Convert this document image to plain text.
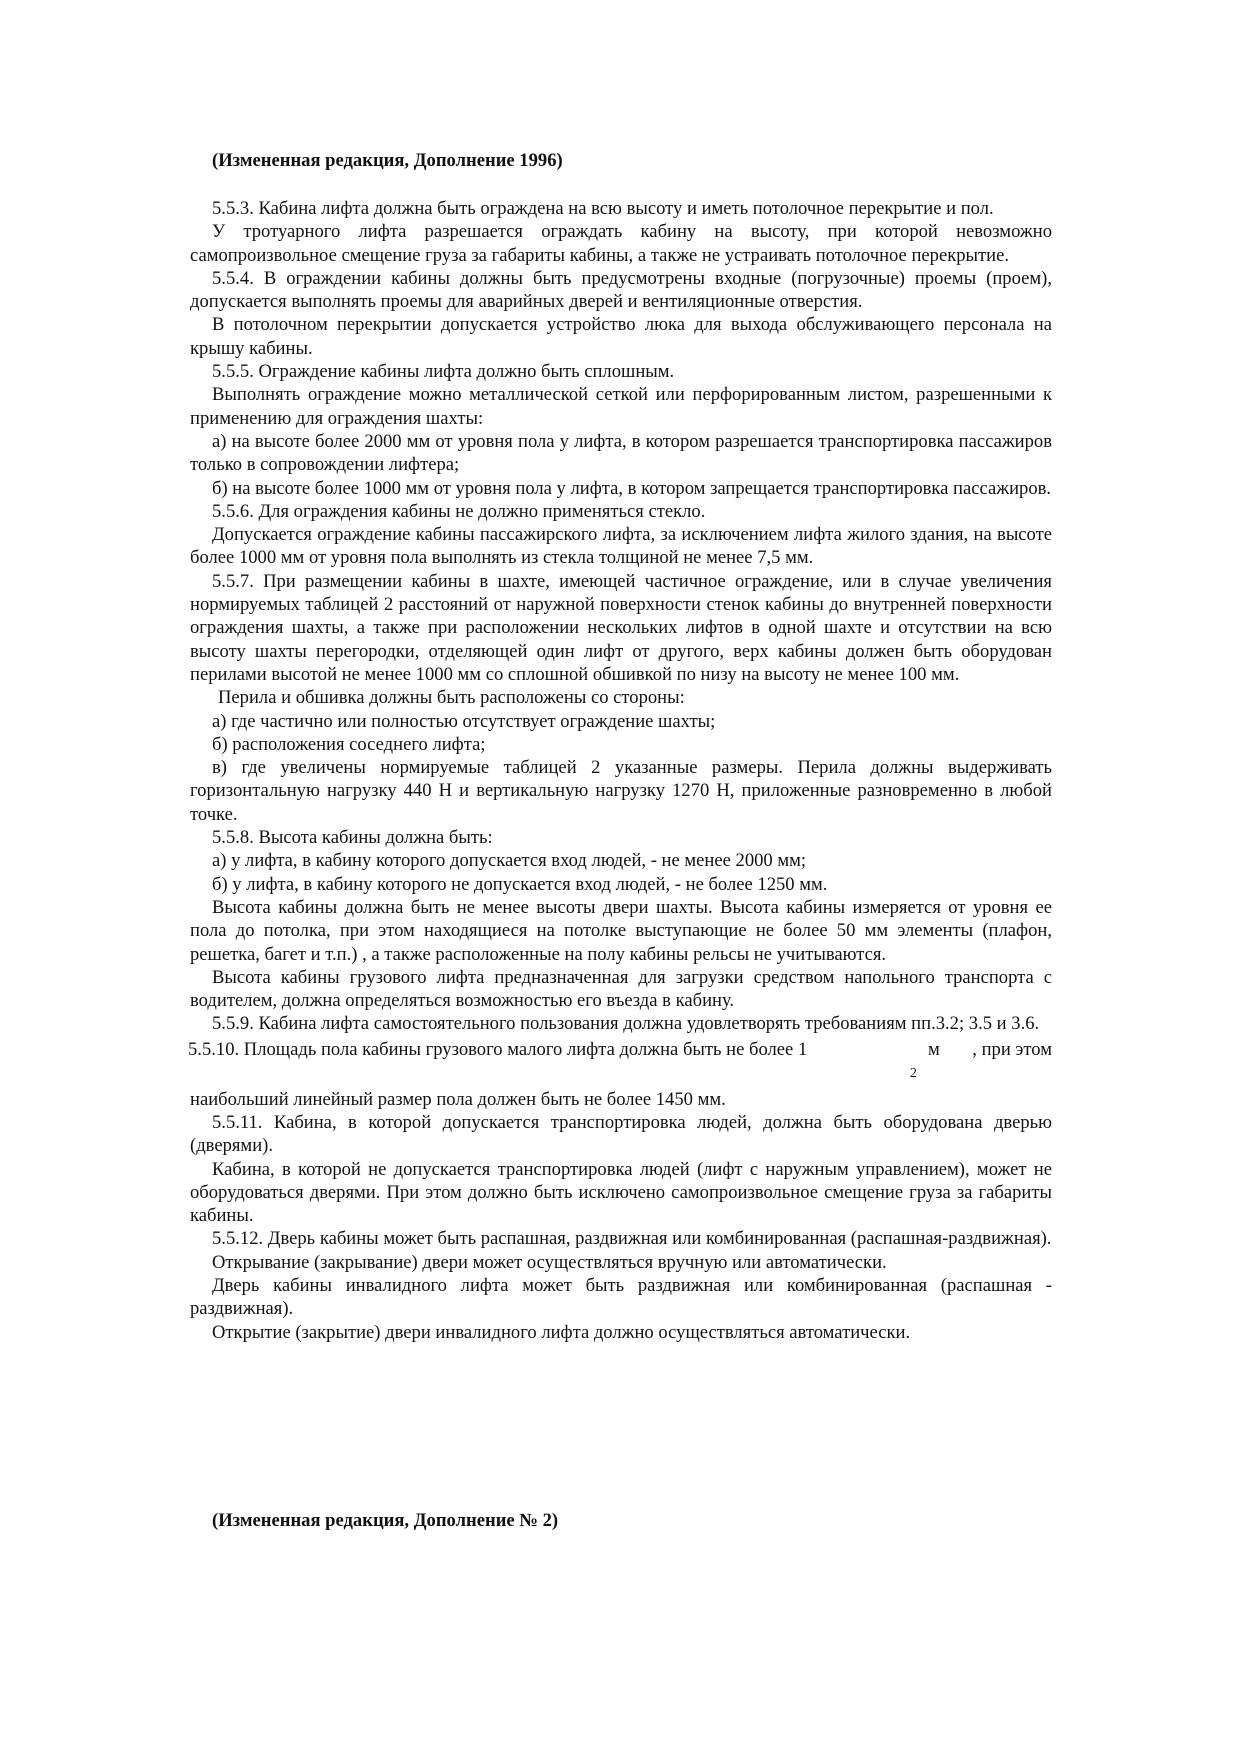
(Измененная редакция, Дополнение 1996)

5.5.3. Кабина лифта должна быть ограждена на всю высоту и иметь потолочное перекрытие и пол.

У тротуарного лифта разрешается ограждать кабину на высоту, при которой невозможно самопроизвольное смещение груза за габариты кабины, а также не устраивать потолочное перекрытие.

5.5.4. В ограждении кабины должны быть предусмотрены входные (погрузочные) проемы (проем), допускается выполнять проемы для аварийных дверей и вентиляционные отверстия.

В потолочном перекрытии допускается устройство люка для выхода обслуживающего персонала на крышу кабины.

5.5.5. Ограждение кабины лифта должно быть сплошным.

Выполнять ограждение можно металлической сеткой или перфорированным листом, разрешенными к применению для ограждения шахты:

а) на высоте более 2000 мм от уровня пола у лифта, в котором разрешается транспортировка пассажиров только в сопровождении лифтера;

б) на высоте более 1000 мм от уровня пола у лифта, в котором запрещается транспортировка пассажиров.

5.5.6. Для ограждения кабины не должно применяться стекло.

Допускается ограждение кабины пассажирского лифта, за исключением лифта жилого здания, на высоте более 1000 мм от уровня пола выполнять из стекла толщиной не менее 7,5 мм.

5.5.7. При размещении кабины в шахте, имеющей частичное ограждение, или в случае увеличения нормируемых таблицей 2 расстояний от наружной поверхности стенок кабины до внутренней поверхности ограждения шахты, а также при расположении нескольких лифтов в одной шахте и отсутствии на всю высоту шахты перегородки, отделяющей один лифт от другого, верх кабины должен быть оборудован перилами высотой не менее 1000 мм со сплошной обшивкой по низу на высоту не менее 100 мм.

Перила и обшивка должны быть расположены со стороны:

а) где частично или полностью отсутствует ограждение шахты;

б) расположения соседнего лифта;

в) где увеличены нормируемые таблицей 2 указанные размеры. Перила должны выдерживать горизонтальную нагрузку 440 Н и вертикальную нагрузку 1270 Н, приложенные разновременно в любой точке.

5.5.8. Высота кабины должна быть:

а) у лифта, в кабину которого допускается вход людей, - не менее 2000 мм;

б) у лифта, в кабину которого не допускается вход людей, - не более 1250 мм.

Высота кабины должна быть не менее высоты двери шахты. Высота кабины измеряется от уровня ее пола до потолка, при этом находящиеся на потолке выступающие не более 50 мм элементы (плафон, решетка, багет и т.п.) , а также расположенные на полу кабины рельсы не учитываются.

Высота кабины грузового лифта предназначенная для загрузки средством напольного транспорта с водителем, должна определяться возможностью его въезда в кабину.

5.5.9. Кабина лифта самостоятельного пользования должна удовлетворять требованиям пп.3.2; 3.5 и 3.6.

5.5.10. Площадь пола кабины грузового малого лифта должна быть не более 1	м , при этом
2

наибольший линейный размер пола должен быть не более 1450 мм.

5.5.11. Кабина, в которой допускается транспортировка людей, должна быть оборудована дверью (дверями).

Кабина, в которой не допускается транспортировка людей (лифт с наружным управлением), может не оборудоваться дверями. При этом должно быть исключено самопроизвольное смещение груза за габариты кабины.

5.5.12. Дверь кабины может быть распашная, раздвижная или комбинированная (распашная-раздвижная).

Открывание (закрывание) двери может осуществляться вручную или автоматически.

Дверь кабины инвалидного лифта может быть раздвижная или комбинированная (распашная - раздвижная).

Открытие (закрытие) двери инвалидного лифта должно осуществляться автоматически.

(Измененная редакция, Дополнение № 2)
